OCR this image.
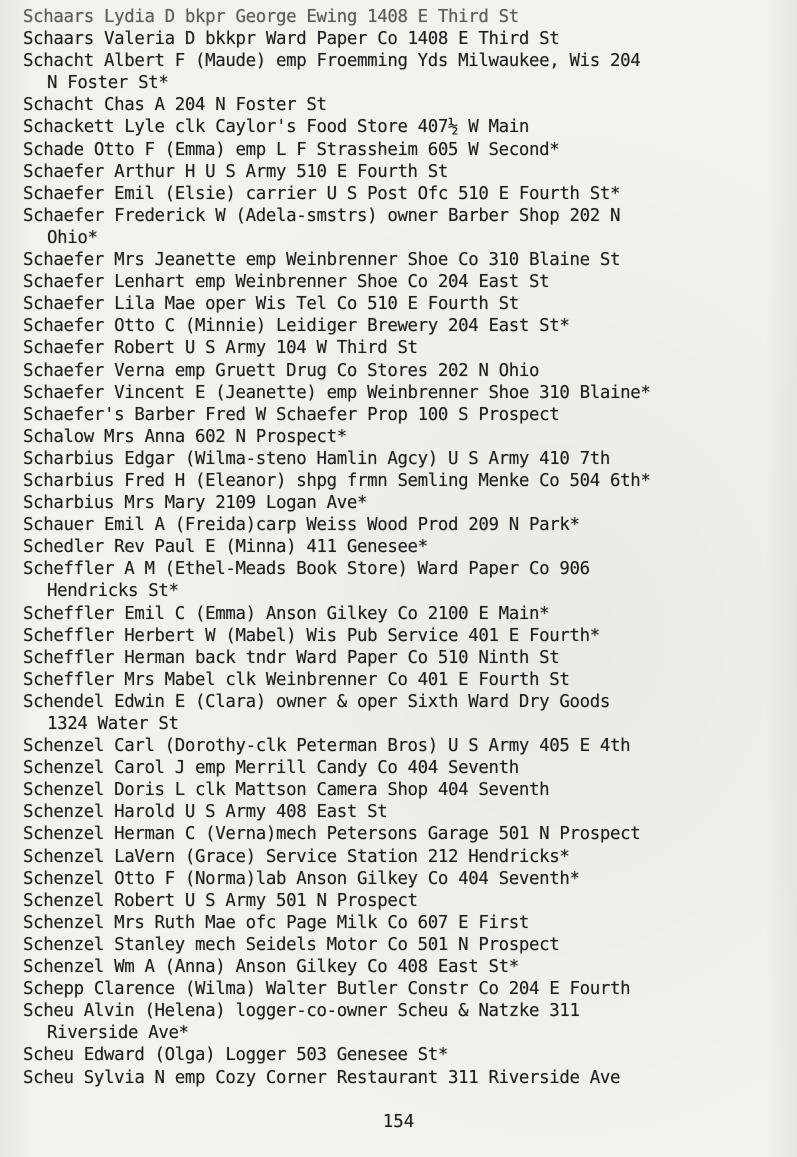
Schaars Lydia D bkpr George Ewing 1408 E Third St
Schaars Valeria D bkkpr Ward Paper Co 1408 E Third St
Schacht Albert F (Maude) emp Froemming Yds Milwaukee, Wis 204
N Foster St*
Schacht Chas A 204 N Foster St
Schackett Lyle clk Caylor's Food Store 407½ W Main
Schade Otto F (Emma) emp L F Strassheim 605 W Second*
Schaefer Arthur H U S Army 510 E Fourth St
Schaefer Emil (Elsie) carrier U S Post Ofc 510 E Fourth St*
Schaefer Frederick W (Adela-smstrs) owner Barber Shop 202 N
Ohio*
Schaefer Mrs Jeanette emp Weinbrenner Shoe Co 310 Blaine St
Schaefer Lenhart emp Weinbrenner Shoe Co 204 East St
Schaefer Lila Mae oper Wis Tel Co 510 E Fourth St
Schaefer Otto C (Minnie) Leidiger Brewery 204 East St*
Schaefer Robert U S Army 104 W Third St
Schaefer Verna emp Gruett Drug Co Stores 202 N Ohio
Schaefer Vincent E (Jeanette) emp Weinbrenner Shoe 310 Blaine*
Schaefer's Barber Fred W Schaefer Prop 100 S Prospect
Schalow Mrs Anna 602 N Prospect*
Scharbius Edgar (Wilma-steno Hamlin Agcy) U S Army 410 7th
Scharbius Fred H (Eleanor) shpg frmn Semling Menke Co 504 6th*
Scharbius Mrs Mary 2109 Logan Ave*
Schauer Emil A (Freida)carp Weiss Wood Prod 209 N Park*
Schedler Rev Paul E (Minna) 411 Genesee*
Scheffler A M (Ethel-Meads Book Store) Ward Paper Co 906
Hendricks St*
Scheffler Emil C (Emma) Anson Gilkey Co 2100 E Main*
Scheffler Herbert W (Mabel) Wis Pub Service 401 E Fourth*
Scheffler Herman back tndr Ward Paper Co 510 Ninth St
Scheffler Mrs Mabel clk Weinbrenner Co 401 E Fourth St
Schendel Edwin E (Clara) owner & oper Sixth Ward Dry Goods
1324 Water St
Schenzel Carl (Dorothy-clk Peterman Bros) U S Army 405 E 4th
Schenzel Carol J emp Merrill Candy Co 404 Seventh
Schenzel Doris L clk Mattson Camera Shop 404 Seventh
Schenzel Harold U S Army 408 East St
Schenzel Herman C (Verna)mech Petersons Garage 501 N Prospect
Schenzel LaVern (Grace) Service Station 212 Hendricks*
Schenzel Otto F (Norma)lab Anson Gilkey Co 404 Seventh*
Schenzel Robert U S Army 501 N Prospect
Schenzel Mrs Ruth Mae ofc Page Milk Co 607 E First
Schenzel Stanley mech Seidels Motor Co 501 N Prospect
Schenzel Wm A (Anna) Anson Gilkey Co 408 East St*
Schepp Clarence (Wilma) Walter Butler Constr Co 204 E Fourth
Scheu Alvin (Helena) logger-co-owner Scheu & Natzke 311
Riverside Ave*
Scheu Edward (Olga) Logger 503 Genesee St*
Scheu Sylvia N emp Cozy Corner Restaurant 311 Riverside Ave
154
